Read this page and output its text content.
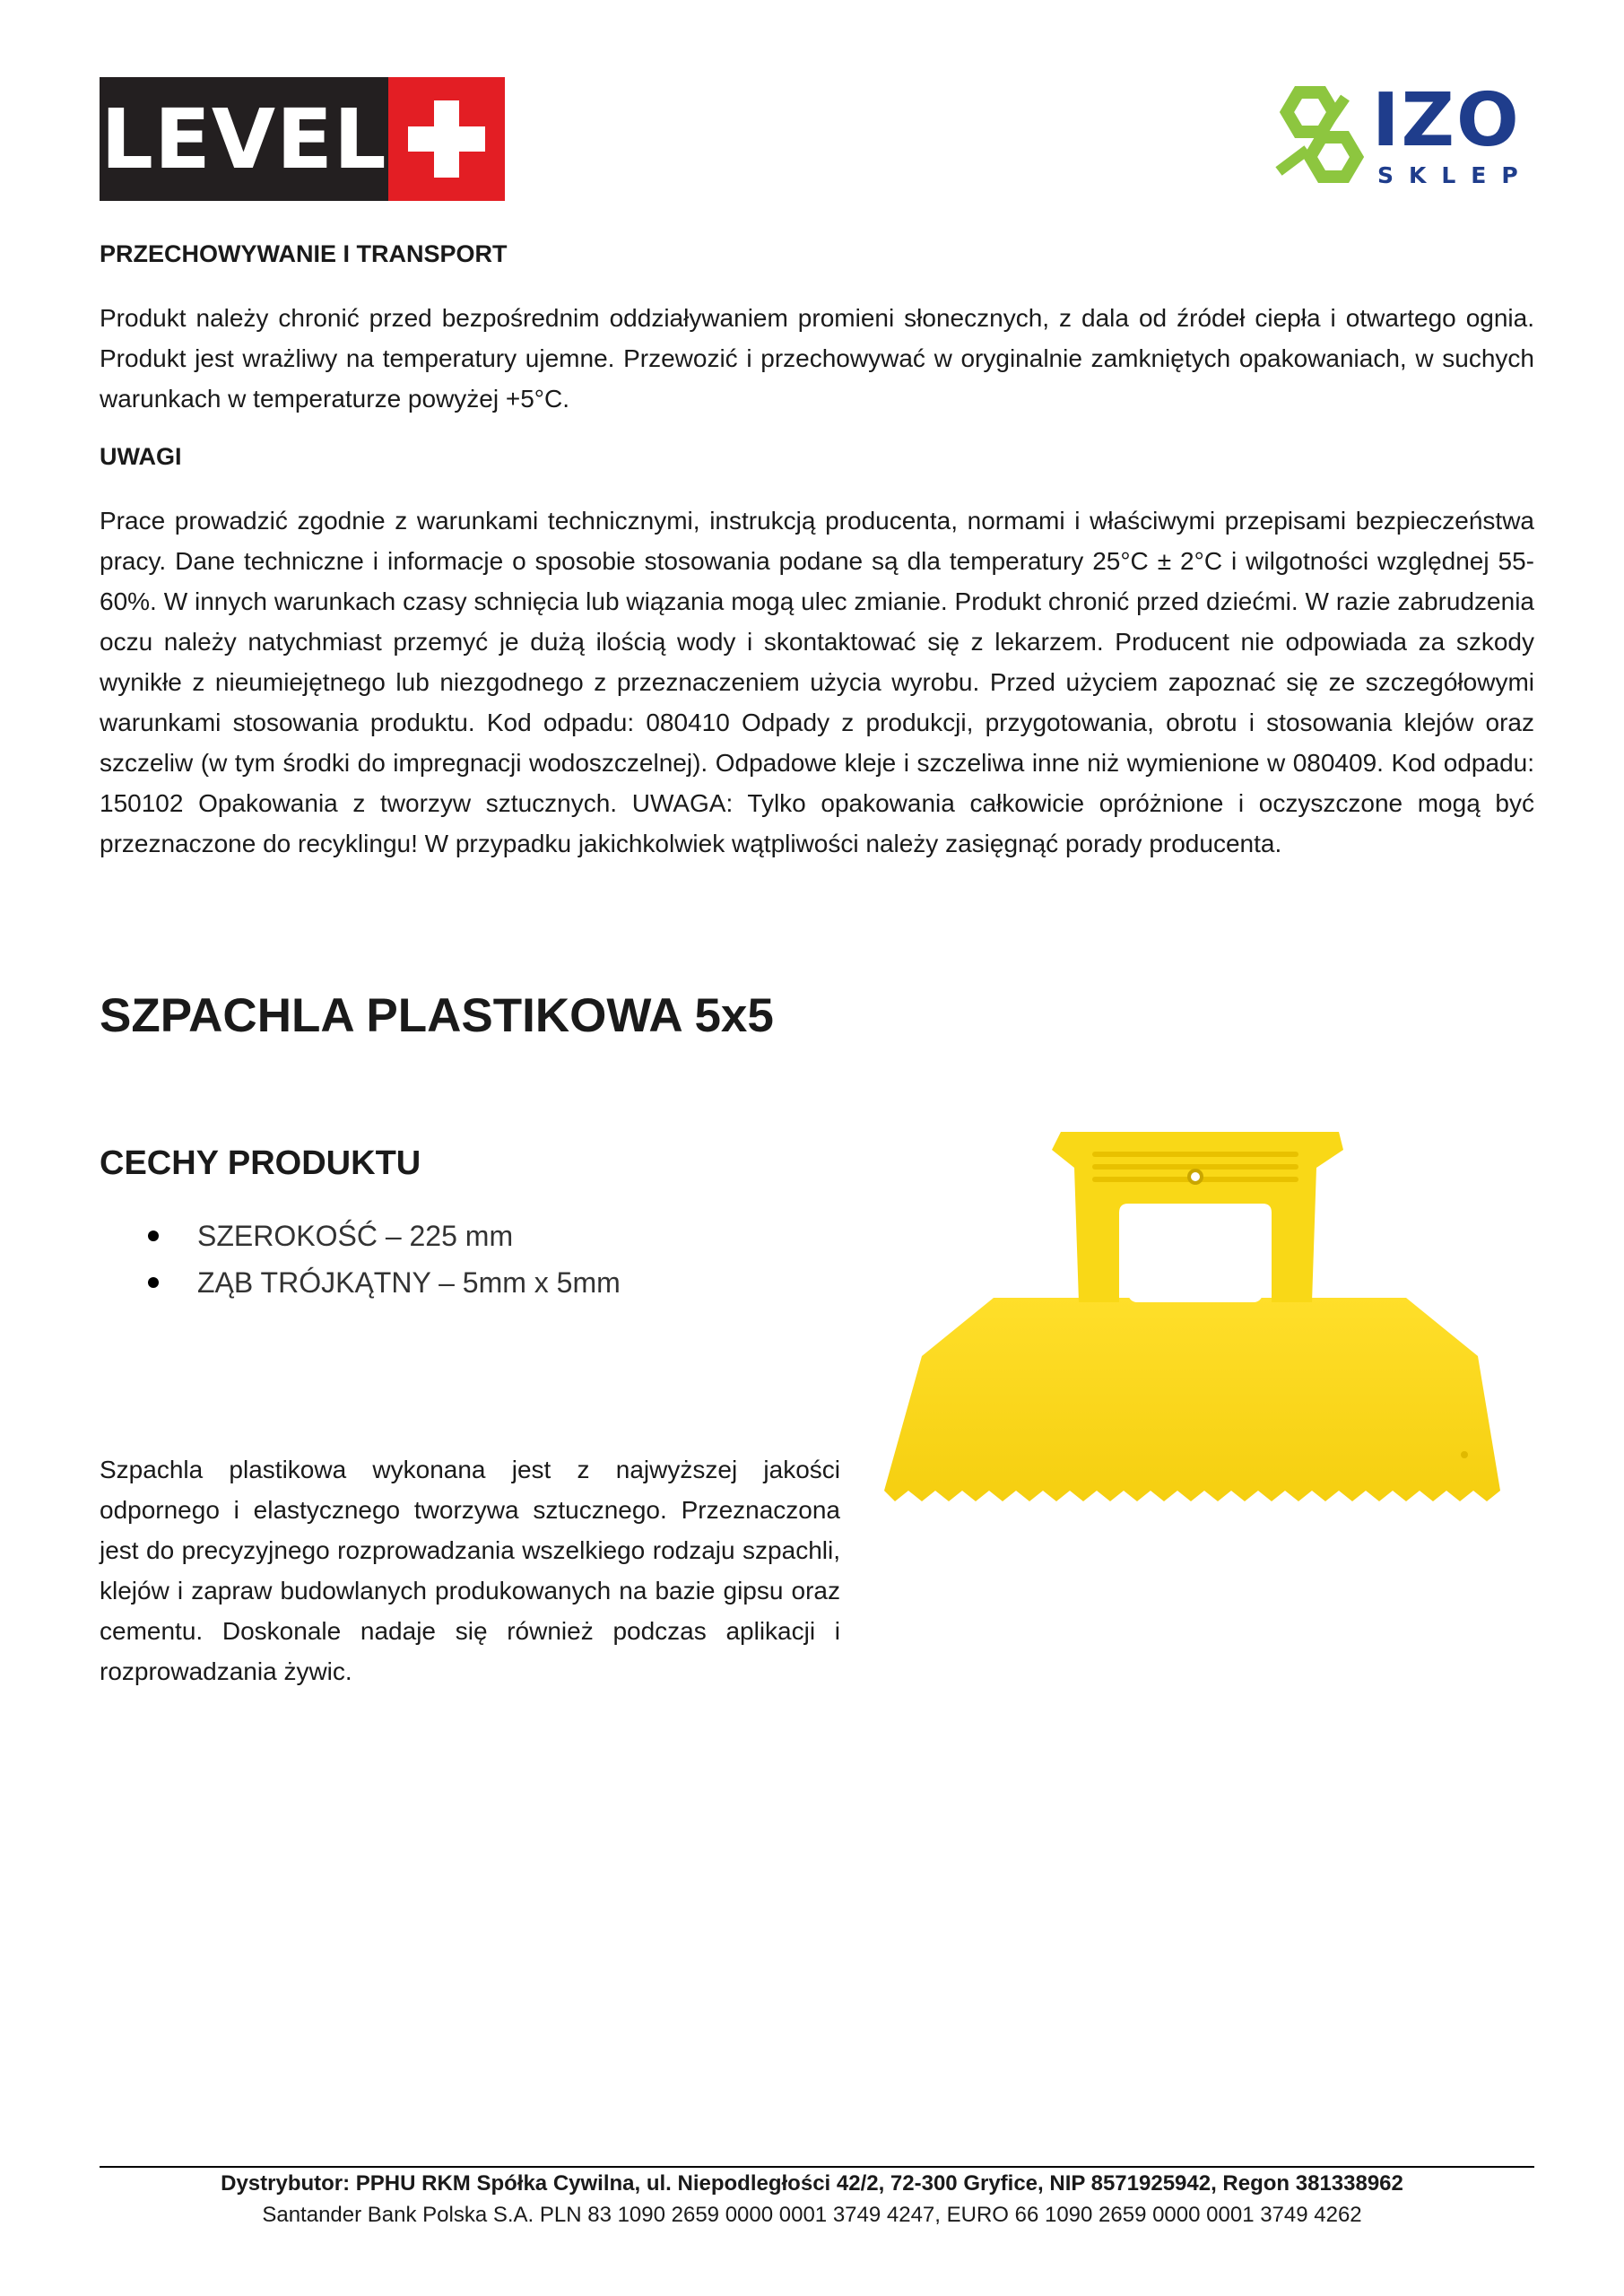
LEVEL	IZO
SKLEP
PRZECHOWYWANIE I TRANSPORT

Produkt należy chronić przed bezpośrednim oddziaływaniem promieni słonecznych, z dala od źródeł ciepła i otwartego ognia. Produkt jest wrażliwy na temperatury ujemne. Przewozić i przechowywać w oryginalnie zamkniętych opakowaniach, w suchych warunkach w temperaturze powyżej +5°C.

UWAGI

Prace prowadzić zgodnie z warunkami technicznymi, instrukcją producenta, normami i właściwymi przepisami bezpieczeństwa pracy. Dane techniczne i informacje o sposobie stosowania podane są dla temperatury 25°C ± 2°C i wilgotności względnej 55-60%. W innych warunkach czasy schnięcia lub wiązania mogą ulec zmianie. Produkt chronić przed dziećmi. W razie zabrudzenia oczu należy natychmiast przemyć je dużą ilością wody i skontaktować się z lekarzem. Producent nie odpowiada za szkody wynikłe z nieumiejętnego lub niezgodnego z przeznaczeniem użycia wyrobu. Przed użyciem zapoznać się ze szczegółowymi warunkami stosowania produktu. Kod odpadu: 080410 Odpady z produkcji, przygotowania, obrotu i stosowania klejów oraz szczeliw (w tym środki do impregnacji wodoszczelnej). Odpadowe kleje i szczeliwa inne niż wymienione w 080409. Kod odpadu: 150102 Opakowania z tworzyw sztucznych. UWAGA: Tylko opakowania całkowicie opróżnione i oczyszczone mogą być przeznaczone do recyklingu! W przypadku jakichkolwiek wątpliwości należy zasięgnąć porady producenta.

SZPACHLA PLASTIKOWA 5x5
CECHY PRODUKTU
SZEROKOŚĆ – 225 mm
ZĄB TRÓJKĄTNY – 5mm x 5mm

Szpachla plastikowa wykonana jest z najwyższej jakości odpornego i elastycznego tworzywa sztucznego. Przeznaczona jest do precyzyjnego rozprowadzania wszelkiego rodzaju szpachli, klejów i zapraw budowlanych produkowanych na bazie gipsu oraz cementu. Doskonale nadaje się również podczas aplikacji i rozprowadzania żywic.

Dystrybutor: PPHU RKM Spółka Cywilna, ul. Niepodległości 42/2, 72-300 Gryfice, NIP 8571925942, Regon 381338962

Santander Bank Polska S.A. PLN 83 1090 2659 0000 0001 3749 4247, EURO 66 1090 2659 0000 0001 3749 4262
